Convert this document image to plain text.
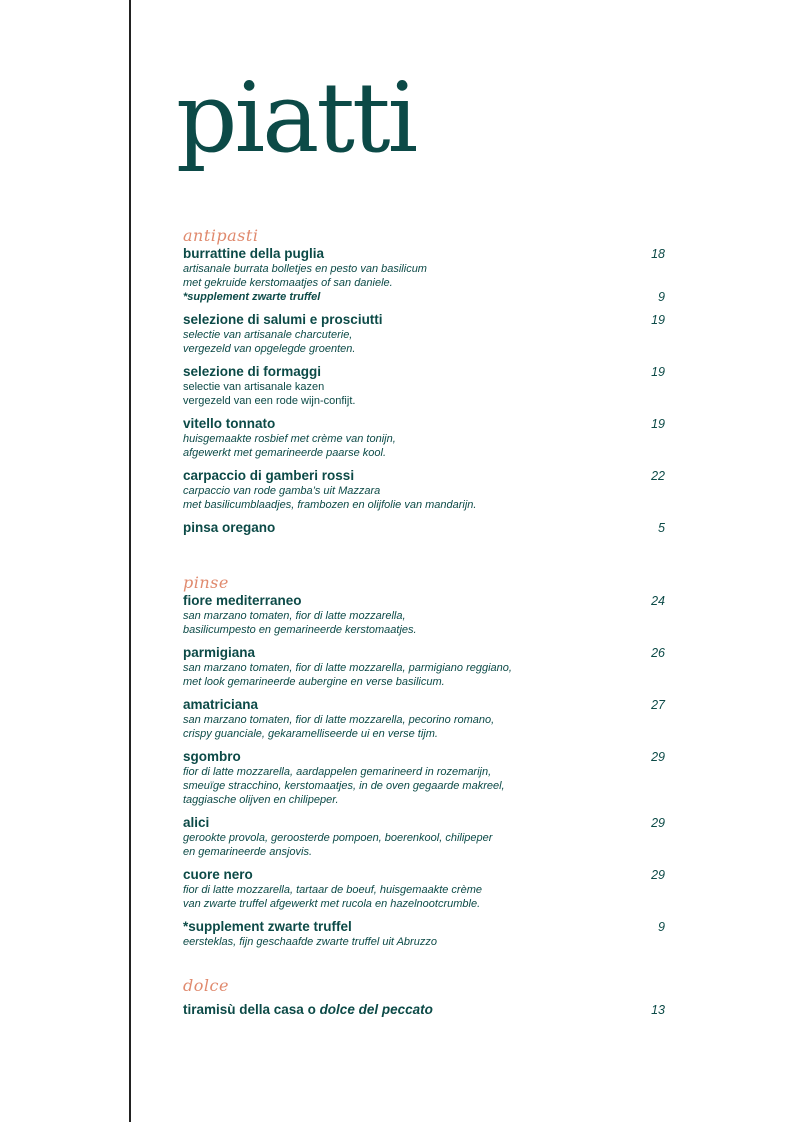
piatti
antipasti
burrattine della puglia	18
artisanale burrata bolletjes en pesto van basilicum
met gekruide kerstomaatjes of san daniele.
*supplement zwarte truffel	9
selezione di salumi e prosciutti	19
selectie van artisanale charcuterie,
vergezeld van opgelegde groenten.
selezione di formaggi	19
selectie van artisanale kazen
vergezeld van een rode wijn-confijt.
vitello tonnato	19
huisgemaakte rosbief met crème van tonijn,
afgewerkt met gemarineerde paarse kool.
carpaccio di gamberi rossi	22
carpaccio van rode gamba’s uit Mazzara
met basilicumblaadjes, frambozen en olijfolie van mandarijn.
pinsa oregano	5
pinse
fiore mediterraneo	24
san marzano tomaten, fior di latte mozzarella,
basilicumpesto en gemarineerde kerstomaatjes.
parmigiana	26
san marzano tomaten, fior di latte mozzarella, parmigiano reggiano,
met look gemarineerde aubergine en verse basilicum.
amatriciana	27
san marzano tomaten, fior di latte mozzarella, pecorino romano,
crispy guanciale, gekaramelliseerde ui en verse tijm.
sgombro	29
fior di latte mozzarella, aardappelen gemarineerd in rozemarijn,
smeuïge stracchino, kerstomaatjes, in de oven gegaarde makreel,
taggiasche olijven en chilipeper.
alici	29
gerookte provola, geroosterde pompoen, boerenkool, chilipeper
en gemarineerde ansjovis.
cuore nero	29
fior di latte mozzarella, tartaar de boeuf, huisgemaakte crème
van zwarte truffel afgewerkt met rucola en hazelnootcrumble.
*supplement zwarte truffel	9
eersteklas, fijn geschaafde zwarte truffel uit Abruzzo
dolce
tiramisù della casa o dolce del peccato	13
